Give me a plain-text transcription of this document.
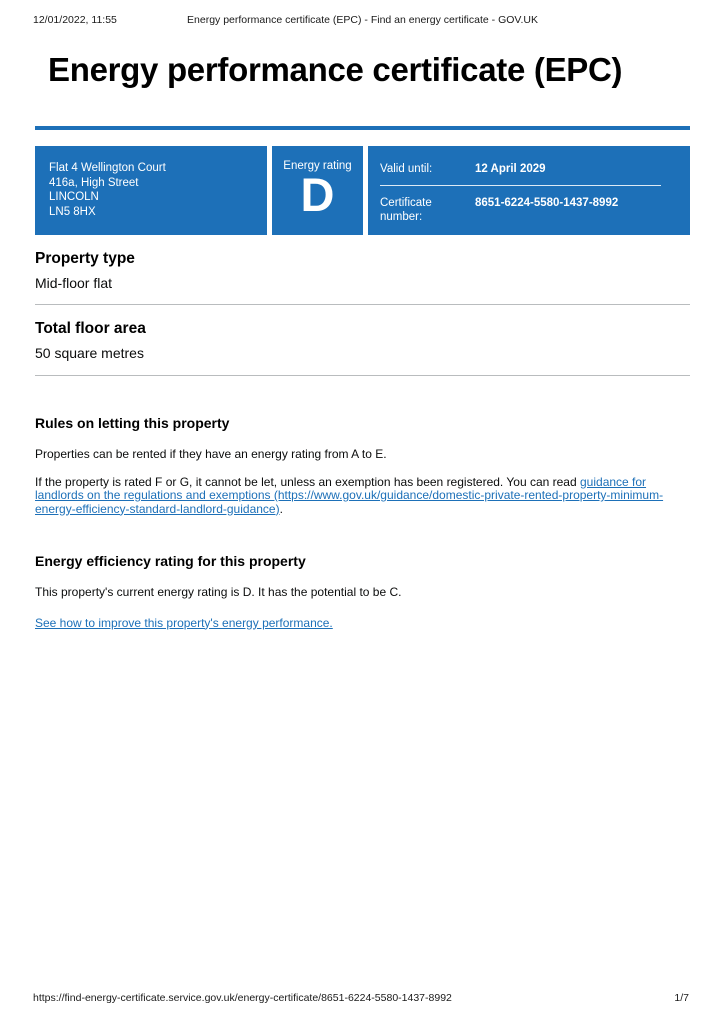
12/01/2022, 11:55	Energy performance certificate (EPC) - Find an energy certificate - GOV.UK
Energy performance certificate (EPC)
Flat 4 Wellington Court
416a, High Street
LINCOLN
LN5 8HX
Energy rating
D	Valid until:	12 April 2029
Certificate number:
8651-6224-5580-1437-8992
Property type

Mid-floor flat

Total floor area

50 square metres

Rules on letting this property

Properties can be rented if they have an energy rating from A to E.

If the property is rated F or G, it cannot be let, unless an exemption has been registered. You can read guidance for landlords on the regulations and exemptions (https://www.gov.uk/guidance/domestic-private-rented-property-minimum-energy-efficiency-standard-landlord-guidance).

Energy efficiency rating for this property

This property's current energy rating is D. It has the potential to be C.

See how to improve this property's energy performance.

https://find-energy-certificate.service.gov.uk/energy-certificate/8651-6224-5580-1437-8992	1/7
